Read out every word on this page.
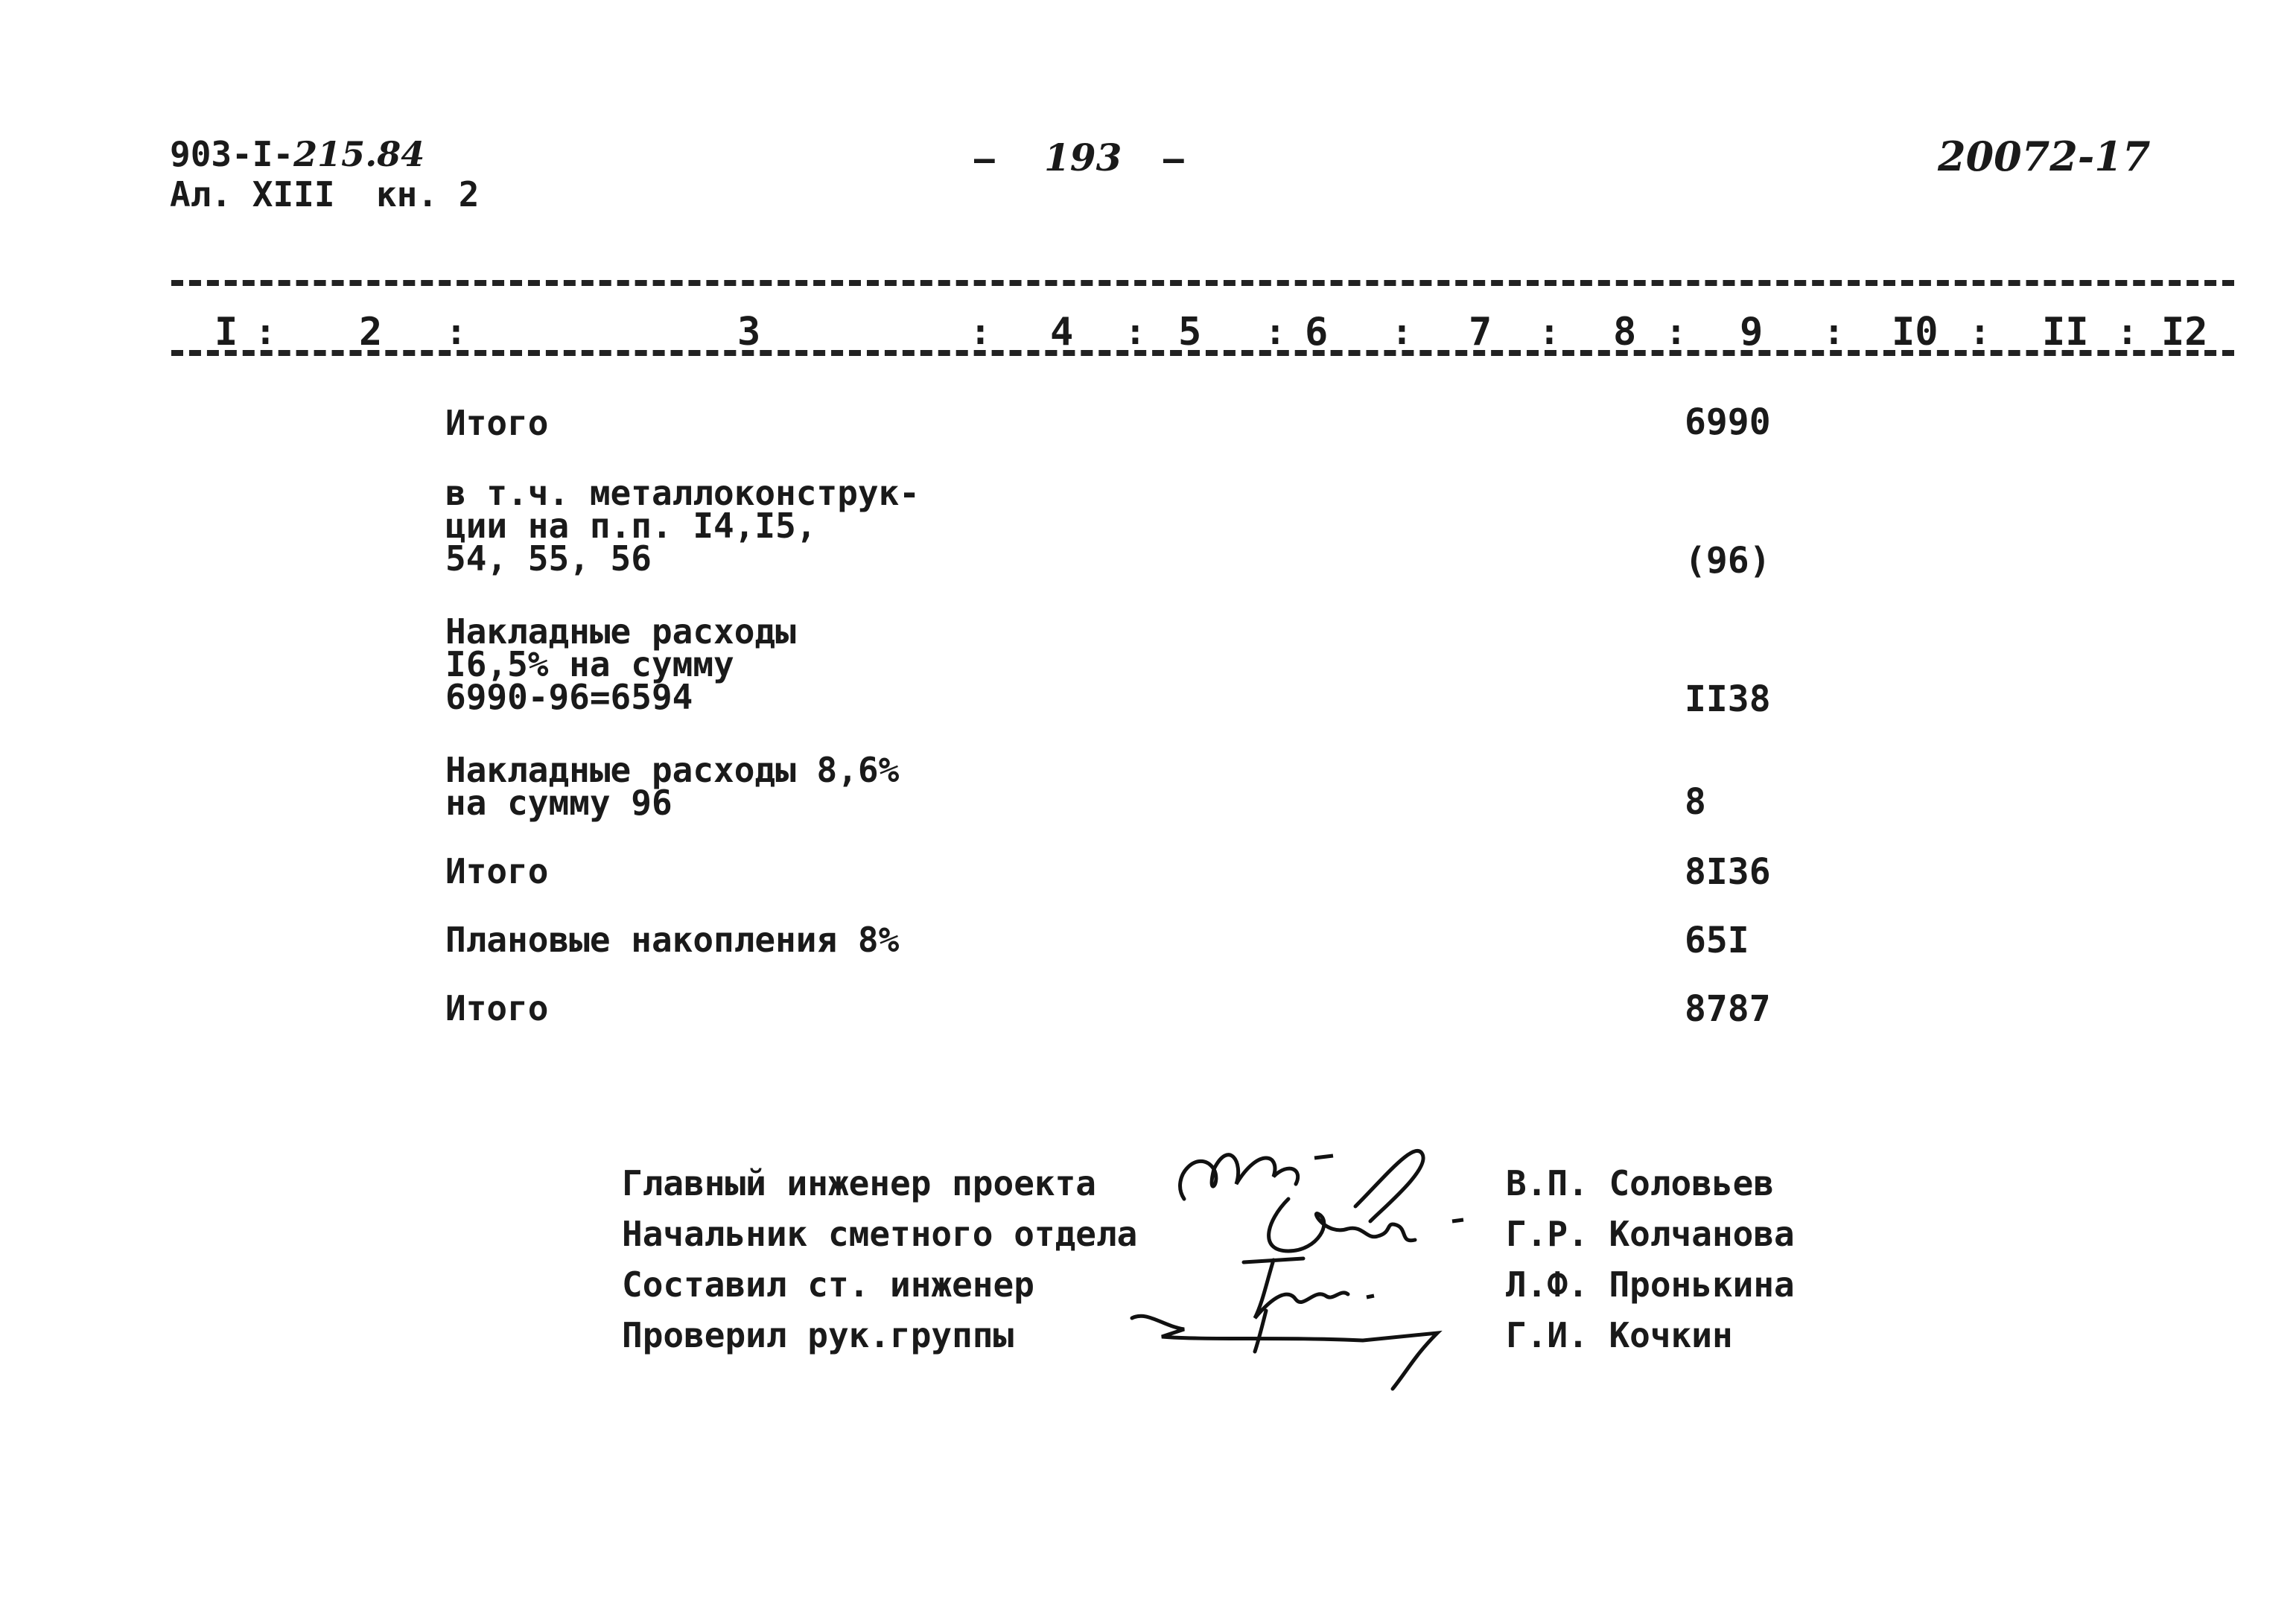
903-I-215.84
Ал. XIII  кн. 2
– 193 –	20072-17
I : 2 :	3	: 4 : 5 : 6 : 7 : 8 : 9 : I0 : II : I2
Итого	6990
в т.ч. металлоконструк-
ции на п.п. I4,I5,
54, 55, 56	(96)
Накладные расходы
I6,5% на сумму
6990-96=6594	II38
Накладные расходы 8,6%
на сумму 96	8
Итого	8I36
Плановые накопления 8%	65I
Итого	8787
Главный инженер проекта	В.П. Соловьев
Начальник сметного отдела	Г.Р. Колчанова
Составил ст. инженер	Л.Ф. Пронькина
Проверил рук.группы	Г.И. Кочкин
